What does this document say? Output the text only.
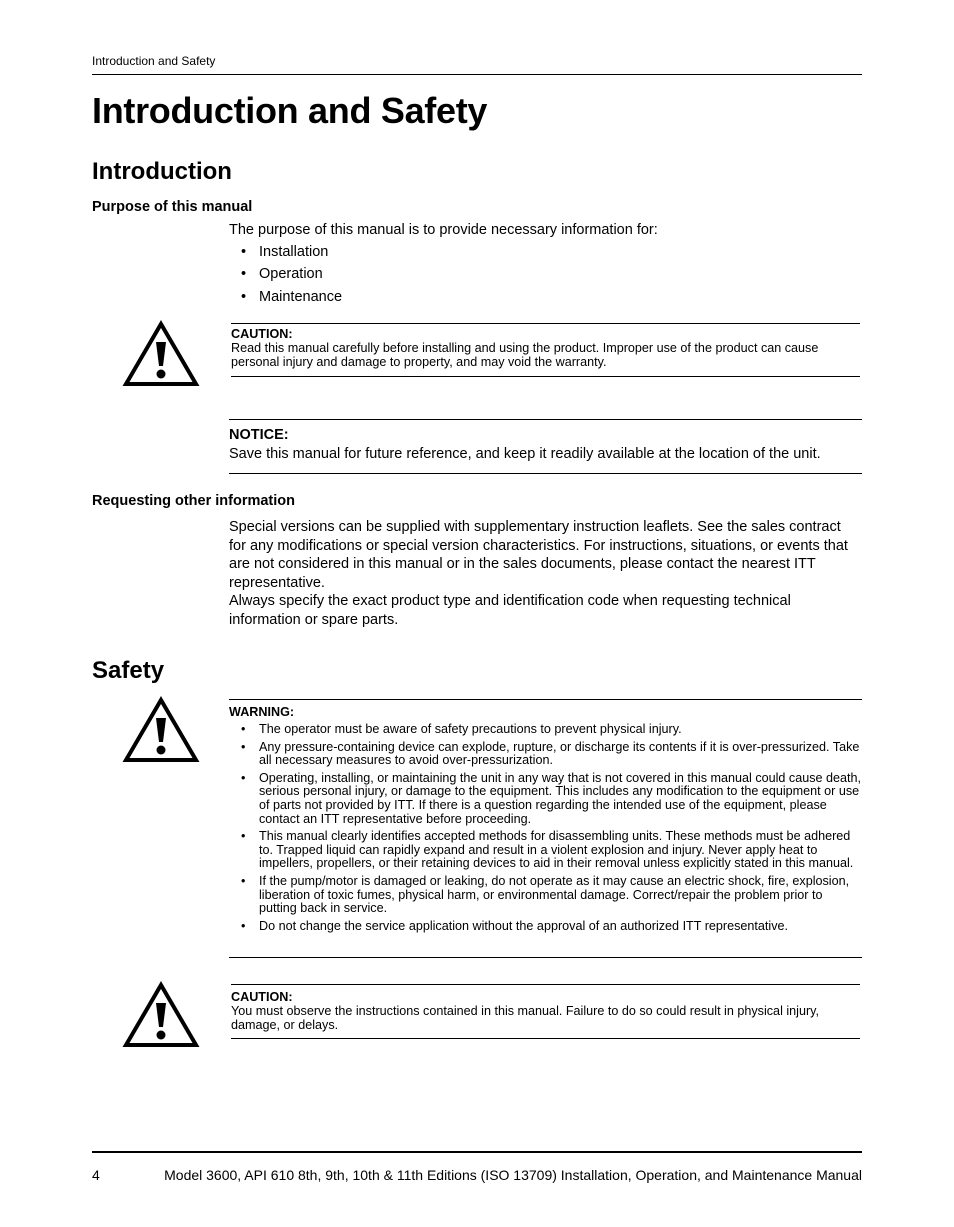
Introduction and Safety
Introduction and Safety
Introduction
Purpose of this manual
The purpose of this manual is to provide necessary information for:
• Installation
• Operation
• Maintenance
CAUTION:
Read this manual carefully before installing and using the product. Improper use of the product can cause personal injury and damage to property, and may void the warranty.
NOTICE:
Save this manual for future reference, and keep it readily available at the location of the unit.
Requesting other information
Special versions can be supplied with supplementary instruction leaflets. See the sales contract for any modifications or special version characteristics. For instructions, situations, or events that are not considered in this manual or in the sales documents, please contact the nearest ITT representative.
Always specify the exact product type and identification code when requesting technical information or spare parts.
Safety
WARNING:
• The operator must be aware of safety precautions to prevent physical injury.
• Any pressure-containing device can explode, rupture, or discharge its contents if it is over-pressurized. Take all necessary measures to avoid over-pressurization.
• Operating, installing, or maintaining the unit in any way that is not covered in this manual could cause death, serious personal injury, or damage to the equipment. This includes any modification to the equipment or use of parts not provided by ITT. If there is a question regarding the intended use of the equipment, please contact an ITT representative before proceeding.
• This manual clearly identifies accepted methods for disassembling units. These methods must be adhered to. Trapped liquid can rapidly expand and result in a violent explosion and injury. Never apply heat to impellers, propellers, or their retaining devices to aid in their removal unless explicitly stated in this manual.
• If the pump/motor is damaged or leaking, do not operate as it may cause an electric shock, fire, explosion, liberation of toxic fumes, physical harm, or environmental damage. Correct/repair the problem prior to putting back in service.
• Do not change the service application without the approval of an authorized ITT representative.
CAUTION:
You must observe the instructions contained in this manual. Failure to do so could result in physical injury, damage, or delays.
4	Model 3600, API 610 8th, 9th, 10th & 11th Editions (ISO 13709) Installation, Operation, and Maintenance Manual
